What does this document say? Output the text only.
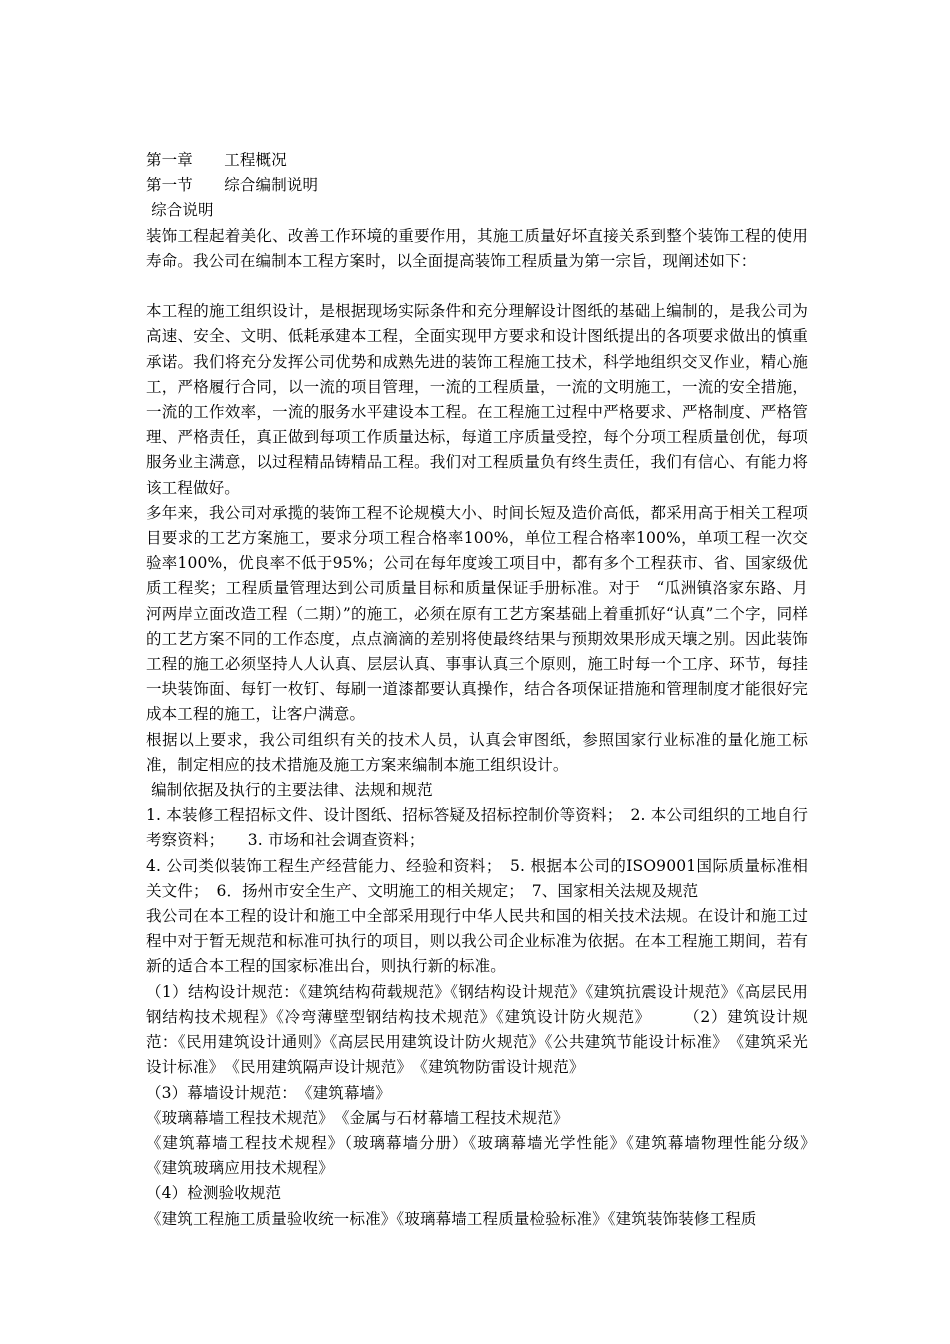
第一章　　工程概况
第一节　　综合编制说明
综合说明

装饰工程起着美化、改善工作环境的重要作用，其施工质量好坏直接关系到整个装饰工程的使用寿命。我公司在编制本工程方案时，以全面提高装饰工程质量为第一宗旨，现阐述如下：

本工程的施工组织设计，是根据现场实际条件和充分理解设计图纸的基础上编制的，是我公司为高速、安全、文明、低耗承建本工程，全面实现甲方要求和设计图纸提出的各项要求做出的慎重承诺。我们将充分发挥公司优势和成熟先进的装饰工程施工技术，科学地组织交叉作业，精心施工，严格履行合同，以一流的项目管理，一流的工程质量，一流的文明施工，一流的安全措施，一流的工作效率，一流的服务水平建设本工程。在工程施工过程中严格要求、严格制度、严格管理、严格责任，真正做到每项工作质量达标，每道工序质量受控，每个分项工程质量创优，每项服务业主满意，以过程精品铸精品工程。我们对工程质量负有终生责任，我们有信心、有能力将该工程做好。

多年来，我公司对承揽的装饰工程不论规模大小、时间长短及造价高低，都采用高于相关工程项目要求的工艺方案施工，要求分项工程合格率100%，单位工程合格率100%，单项工程一次交验率100%，优良率不低于95%；公司在每年度竣工项目中，都有多个工程获市、省、国家级优质工程奖；工程质量管理达到公司质量目标和质量保证手册标准。对于　“瓜洲镇洛家东路、月河两岸立面改造工程（二期）”的施工，必须在原有工艺方案基础上着重抓好“认真”二个字，同样的工艺方案不同的工作态度，点点滴滴的差别将使最终结果与预期效果形成天壤之别。因此装饰工程的施工必须坚持人人认真、层层认真、事事认真三个原则，施工时每一个工序、环节，每挂一块装饰面、每钉一枚钉、每刷一道漆都要认真操作，结合各项保证措施和管理制度才能很好完成本工程的施工，让客户满意。

根据以上要求，我公司组织有关的技术人员，认真会审图纸，参照国家行业标准的量化施工标准，制定相应的技术措施及施工方案来编制本施工组织设计。

编制依据及执行的主要法律、法规和规范

1. 本装修工程招标文件、设计图纸、招标答疑及招标控制价等资料；　2. 本公司组织的工地自行考察资料；　　3. 市场和社会调查资料；

4. 公司类似装饰工程生产经营能力、经验和资料；　5. 根据本公司的ISO9001国际质量标准相关文件；　6．扬州市安全生产、文明施工的相关规定；　7、国家相关法规及规范

我公司在本工程的设计和施工中全部采用现行中华人民共和国的相关技术法规。在设计和施工过程中对于暂无规范和标准可执行的项目，则以我公司企业标准为依据。在本工程施工期间，若有新的适合本工程的国家标准出台，则执行新的标准。

（1）结构设计规范：《建筑结构荷载规范》《钢结构设计规范》《建筑抗震设计规范》《高层民用钢结构技术规程》《冷弯薄壁型钢结构技术规范》《建筑设计防火规范》　　　（2）建筑设计规范：《民用建筑设计通则》《高层民用建筑设计防火规范》《公共建筑节能设计标准》　《建筑采光设计标准》　《民用建筑隔声设计规范》　《建筑物防雷设计规范》

（3）幕墙设计规范：　《建筑幕墙》
《玻璃幕墙工程技术规范》　《金属与石材幕墙工程技术规范》

《建筑幕墙工程技术规程》（玻璃幕墙分册）《玻璃幕墙光学性能》《建筑幕墙物理性能分级》　《建筑玻璃应用技术规程》

（4）检测验收规范
《建筑工程施工质量验收统一标准》《玻璃幕墙工程质量检验标准》《建筑装饰装修工程质
